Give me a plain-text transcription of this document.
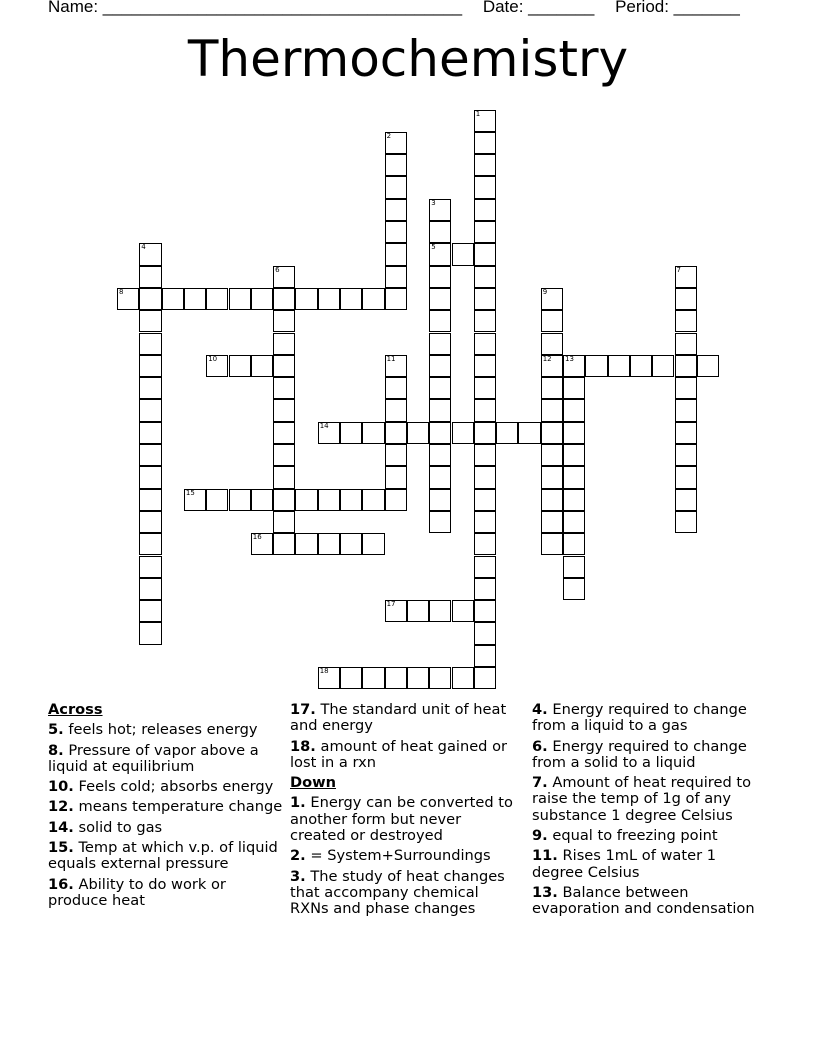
Name: ______________________________________ Date: _______ Period: _______
Thermochemistry
1
2
3
5
4
6	7
8	9
12
10	11	13
14
15
16
17
18
Across
5. feels hot; releases energy
8. Pressure of vapor above a liquid at equilibrium
10. Feels cold; absorbs energy
12. means temperature change
14. solid to gas
15. Temp at which v.p. of liquid equals external pressure
16. Ability to do work or produce heat
17. The standard unit of heat and energy
18. amount of heat gained or lost in a rxn
Down
1. Energy can be converted to another form but never created or destroyed
2. = System+Surroundings
3. The study of heat changes that accompany chemical RXNs and phase changes
4. Energy required to change from a liquid to a gas
6. Energy required to change from a solid to a liquid
7. Amount of heat required to raise the temp of 1g of any substance 1 degree Celsius
9. equal to freezing point
11. Rises 1mL of water 1 degree Celsius
13. Balance between evaporation and condensation
